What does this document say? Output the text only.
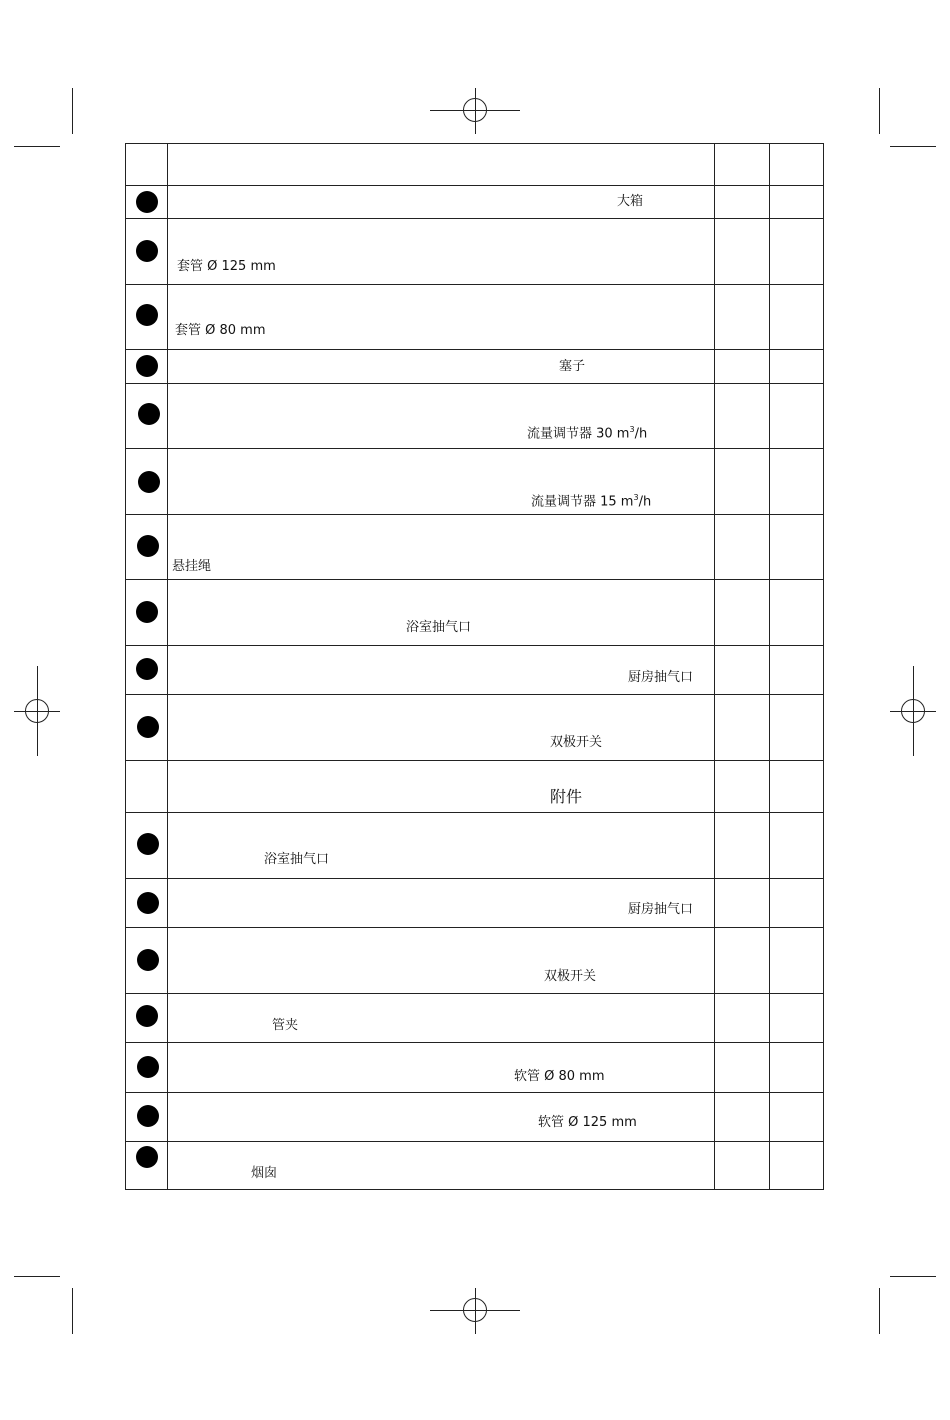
大箱
套管 Ø 125 mm
套管 Ø 80 mm
塞子
流量调节器 30 $m^3/h$
流量调节器 15 $m^3/h$
悬挂绳
浴室抽气口
厨房抽气口
双极开关
附件
浴室抽气口
厨房抽气口
双极开关
管夹
软管 Ø 80 mm
软管 Ø 125 mm
烟囱
